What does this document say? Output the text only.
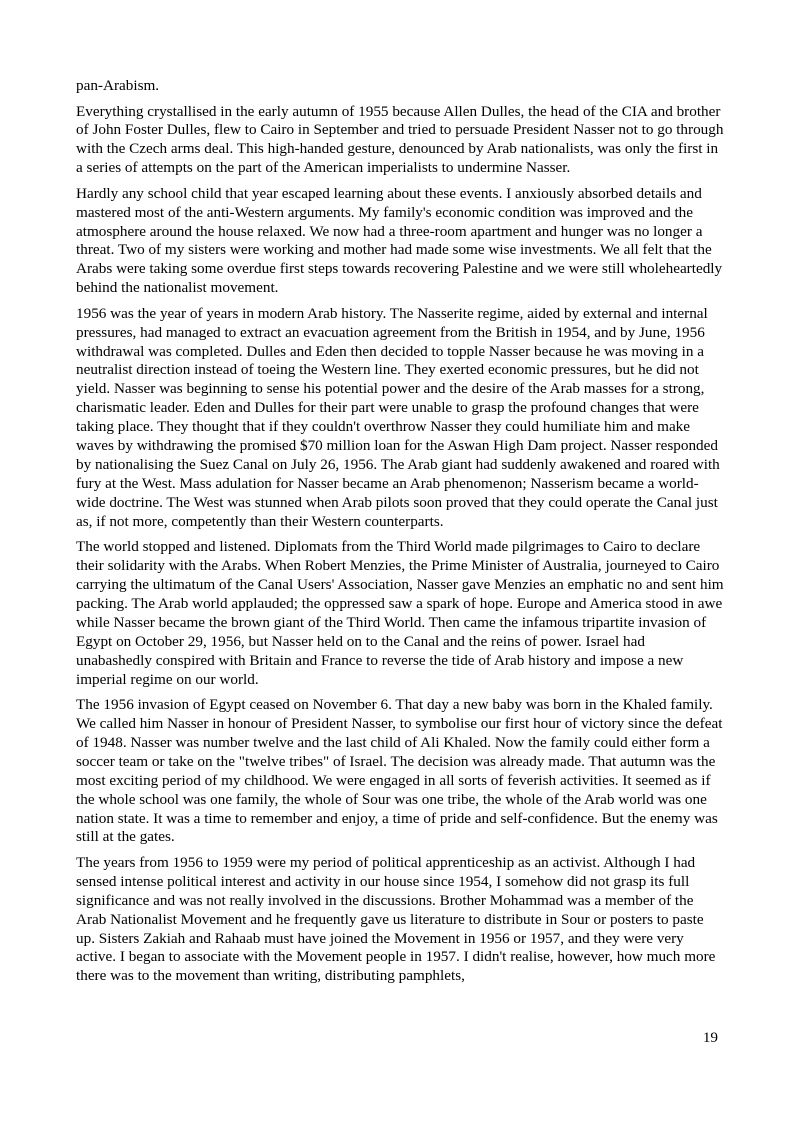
pan-Arabism.

Everything crystallised in the early autumn of 1955 because Allen Dulles, the head of the CIA and brother of John Foster Dulles, flew to Cairo in September and tried to persuade President Nasser not to go through with the Czech arms deal. This high-handed gesture, denounced by Arab nationalists, was only the first in a series of attempts on the part of the American imperialists to undermine Nasser.

Hardly any school child that year escaped learning about these events. I anxiously absorbed details and mastered most of the anti-Western arguments. My family's economic condition was improved and the atmosphere around the house relaxed. We now had a three-room apartment and hunger was no longer a threat. Two of my sisters were working and mother had made some wise investments. We all felt that the Arabs were taking some overdue first steps towards recovering Palestine and we were still wholeheartedly behind the nationalist movement.

1956 was the year of years in modern Arab history. The Nasserite regime, aided by external and internal pressures, had managed to extract an evacuation agreement from the British in 1954, and by June, 1956 withdrawal was completed. Dulles and Eden then decided to topple Nasser because he was moving in a neutralist direction instead of toeing the Western line. They exerted economic pressures, but he did not yield. Nasser was beginning to sense his potential power and the desire of the Arab masses for a strong, charismatic leader. Eden and Dulles for their part were unable to grasp the profound changes that were taking place. They thought that if they couldn't overthrow Nasser they could humiliate him and make waves by withdrawing the promised $70 million loan for the Aswan High Dam project. Nasser responded by nationalising the Suez Canal on July 26, 1956. The Arab giant had suddenly awakened and roared with fury at the West. Mass adulation for Nasser became an Arab phenomenon; Nasserism became a world-wide doctrine. The West was stunned when Arab pilots soon proved that they could operate the Canal just as, if not more, competently than their Western counterparts.

The world stopped and listened. Diplomats from the Third World made pilgrimages to Cairo to declare their solidarity with the Arabs. When Robert Menzies, the Prime Minister of Australia, journeyed to Cairo carrying the ultimatum of the Canal Users' Association, Nasser gave Menzies an emphatic no and sent him packing. The Arab world applauded; the oppressed saw a spark of hope. Europe and America stood in awe while Nasser became the brown giant of the Third World. Then came the infamous tripartite invasion of Egypt on October 29, 1956, but Nasser held on to the Canal and the reins of power. Israel had unabashedly conspired with Britain and France to reverse the tide of Arab history and impose a new imperial regime on our world.

The 1956 invasion of Egypt ceased on November 6. That day a new baby was born in the Khaled family. We called him Nasser in honour of President Nasser, to symbolise our first hour of victory since the defeat of 1948. Nasser was number twelve and the last child of Ali Khaled. Now the family could either form a soccer team or take on the "twelve tribes" of Israel. The decision was already made. That autumn was the most exciting period of my childhood. We were engaged in all sorts of feverish activities. It seemed as if the whole school was one family, the whole of Sour was one tribe, the whole of the Arab world was one nation state. It was a time to remember and enjoy, a time of pride and self-confidence. But the enemy was still at the gates.

The years from 1956 to 1959 were my period of political apprenticeship as an activist. Although I had sensed intense political interest and activity in our house since 1954, I somehow did not grasp its full significance and was not really involved in the discussions. Brother Mohammad was a member of the Arab Nationalist Movement and he frequently gave us literature to distribute in Sour or posters to paste up. Sisters Zakiah and Rahaab must have joined the Movement in 1956 or 1957, and they were very active. I began to associate with the Movement people in 1957. I didn't realise, however, how much more there was to the movement than writing, distributing pamphlets,

19
